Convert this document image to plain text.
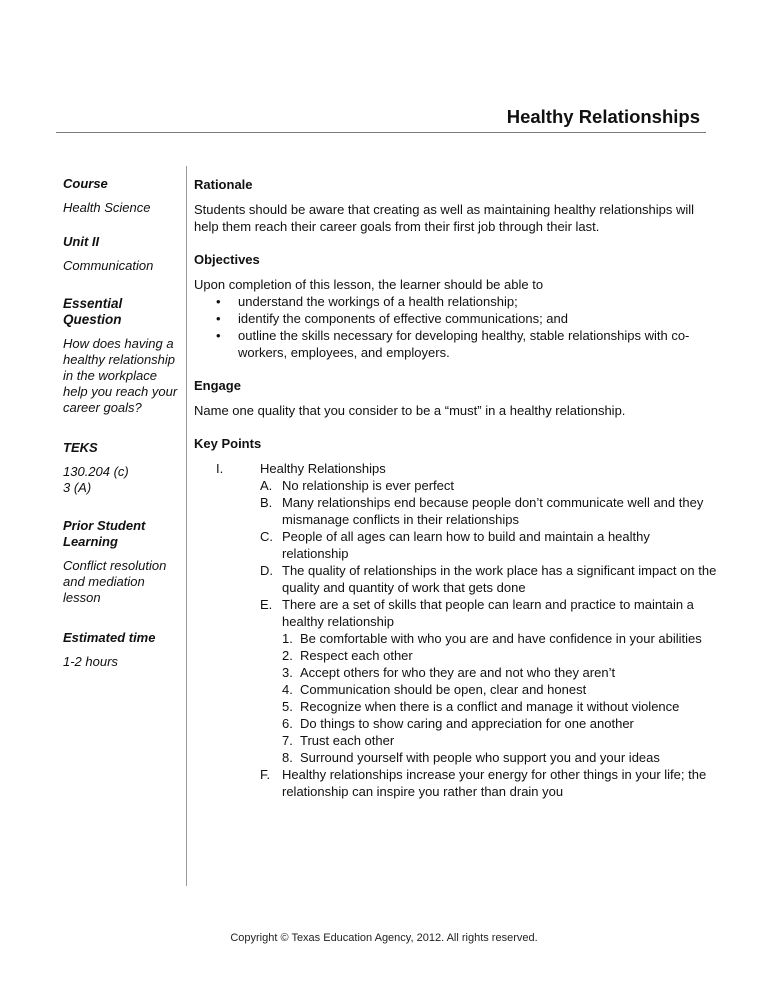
Healthy Relationships

Course

Health Science

Unit II

Communication

Essential Question

How does having a healthy relationship in the workplace help you reach your career goals?

TEKS

130.204 (c)

3 (A)

Prior Student Learning

Conflict resolution and mediation lesson

Estimated time

1-2 hours

Rationale

Students should be aware that creating as well as maintaining healthy relationships will help them reach their career goals from their first job through their last.

Objectives

Upon completion of this lesson, the learner should be able to

• understand the workings of a health relationship;
• identify the components of effective communications; and
• outline the skills necessary for developing healthy, stable relationships with co-workers, employees, and employers.

Engage

Name one quality that you consider to be a “must” in a healthy relationship.

Key Points

I.	Healthy Relationships
A. No relationship is ever perfect
B. Many relationships end because people don’t communicate well and they mismanage conflicts in their relationships
C. People of all ages can learn how to build and maintain a healthy relationship
D. The quality of relationships in the work place has a significant impact on the quality and quantity of work that gets done
E. There are a set of skills that people can learn and practice to maintain a healthy relationship
1. Be comfortable with who you are and have confidence in your abilities
2. Respect each other
3. Accept others for who they are and not who they aren’t
4. Communication should be open, clear and honest
5. Recognize when there is a conflict and manage it without violence
6. Do things to show caring and appreciation for one another
7. Trust each other
8. Surround yourself with people who support you and your ideas
F. Healthy relationships increase your energy for other things in your life; the relationship can inspire you rather than drain you
Copyright © Texas Education Agency, 2012. All rights reserved.
